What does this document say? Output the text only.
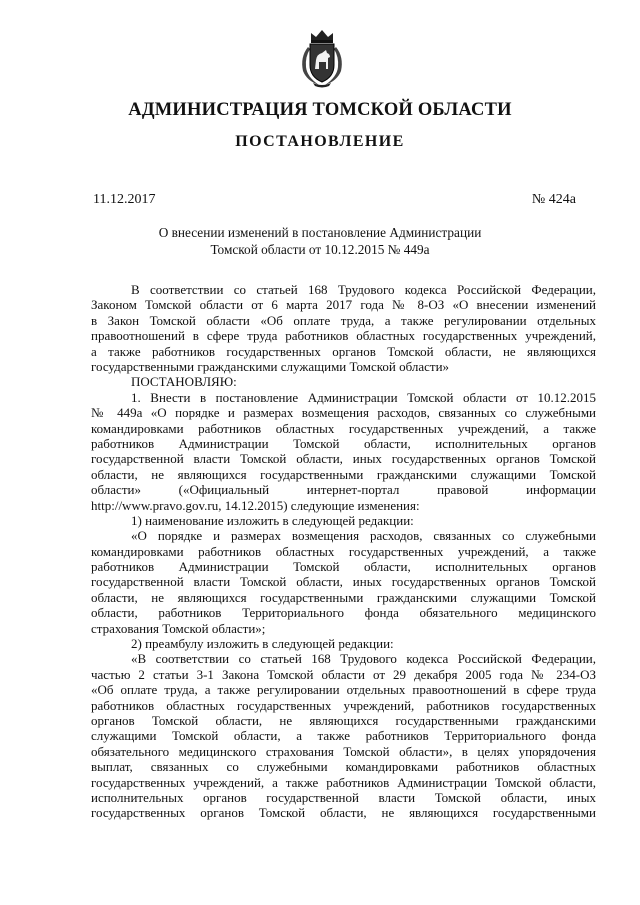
АДМИНИСТРАЦИЯ ТОМСКОЙ ОБЛАСТИ
ПОСТАНОВЛЕНИЕ
11.12.2017	№ 424а
О внесении изменений в постановление Администрации
Томской области от 10.12.2015 № 449а
В соответствии со статьей 168 Трудового кодекса Российской Федерации,
Законом Томской области от 6 марта 2017 года № 8-ОЗ «О внесении изменений
в Закон Томской области «Об оплате труда, а также регулировании отдельных
правоотношений в сфере труда работников областных государственных учреждений,
а также работников государственных органов Томской области, не являющихся
государственными гражданскими служащими Томской области»
ПОСТАНОВЛЯЮ:
1. Внести в постановление Администрации Томской области от 10.12.2015
№ 449а «О порядке и размерах возмещения расходов, связанных со служебными
командировками работников областных государственных учреждений, а также
работников Администрации Томской области, исполнительных органов
государственной власти Томской области, иных государственных органов Томской
области, не являющихся государственными гражданскими служащими Томской
области» («Официальный интернет-портал правовой информации
http://www.pravo.gov.ru, 14.12.2015) следующие изменения:
1) наименование изложить в следующей редакции:
«О порядке и размерах возмещения расходов, связанных со служебными
командировками работников областных государственных учреждений, а также
работников Администрации Томской области, исполнительных органов
государственной власти Томской области, иных государственных органов Томской
области, не являющихся государственными гражданскими служащими Томской
области, работников Территориального фонда обязательного медицинского
страхования Томской области»;
2) преамбулу изложить в следующей редакции:
«В соответствии со статьей 168 Трудового кодекса Российской Федерации,
частью 2 статьи 3-1 Закона Томской области от 29 декабря 2005 года № 234-ОЗ
«Об оплате труда, а также регулировании отдельных правоотношений в сфере труда
работников областных государственных учреждений, работников государственных
органов Томской области, не являющихся государственными гражданскими
служащими Томской области, а также работников Территориального фонда
обязательного медицинского страхования Томской области», в целях упорядочения
выплат, связанных со служебными командировками работников областных
государственных учреждений, а также работников Администрации Томской области,
исполнительных органов государственной власти Томской области, иных
государственных органов Томской области, не являющихся государственными
